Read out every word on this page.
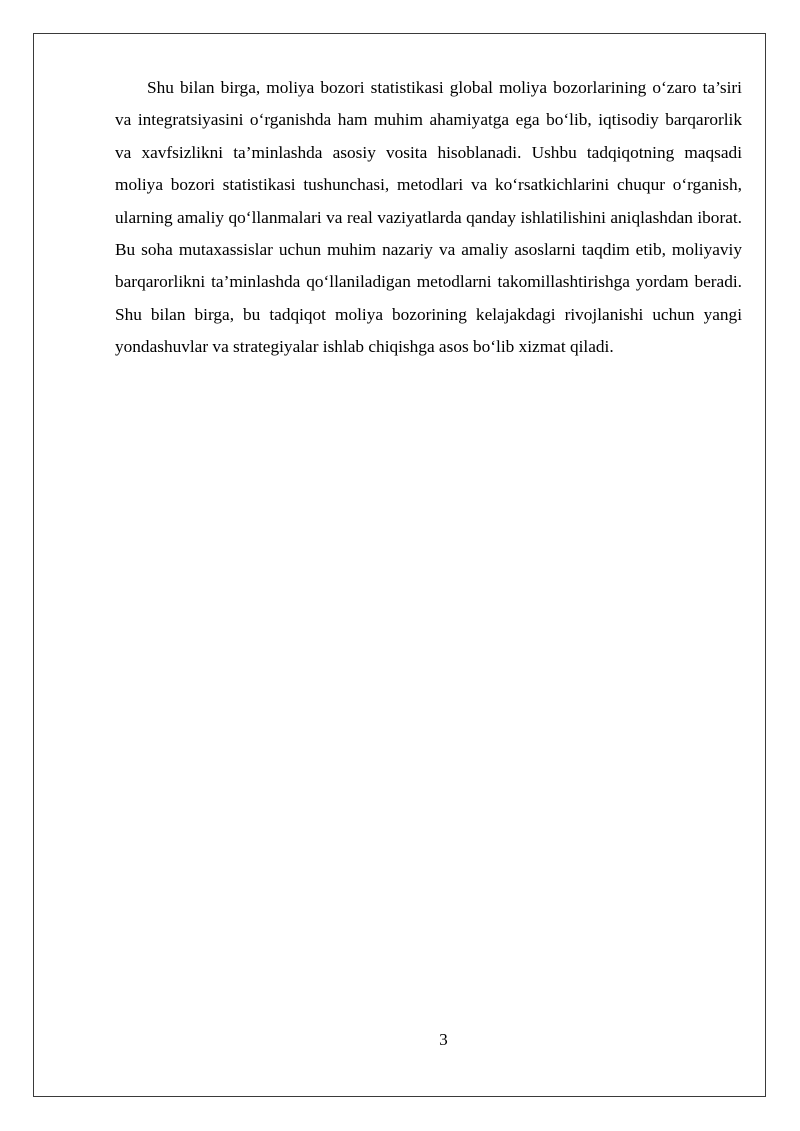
Shu bilan birga, moliya bozori statistikasi global moliya bozorlarining o‘zaro ta’siri va integratsiyasini o‘rganishda ham muhim ahamiyatga ega bo‘lib, iqtisodiy barqarorlik va xavfsizlikni ta’minlashda asosiy vosita hisoblanadi. Ushbu tadqiqotning maqsadi moliya bozori statistikasi tushunchasi, metodlari va ko‘rsatkichlarini chuqur o‘rganish, ularning amaliy qo‘llanmalari va real vaziyatlarda qanday ishlatilishini aniqlashdan iborat. Bu soha mutaxassislar uchun muhim nazariy va amaliy asoslarni taqdim etib, moliyaviy barqarorlikni ta’minlashda qo‘llaniladigan metodlarni takomillashtirishga yordam beradi. Shu bilan birga, bu tadqiqot moliya bozorining kelajakdagi rivojlanishi uchun yangi yondashuvlar va strategiyalar ishlab chiqishga asos bo‘lib xizmat qiladi.

3
